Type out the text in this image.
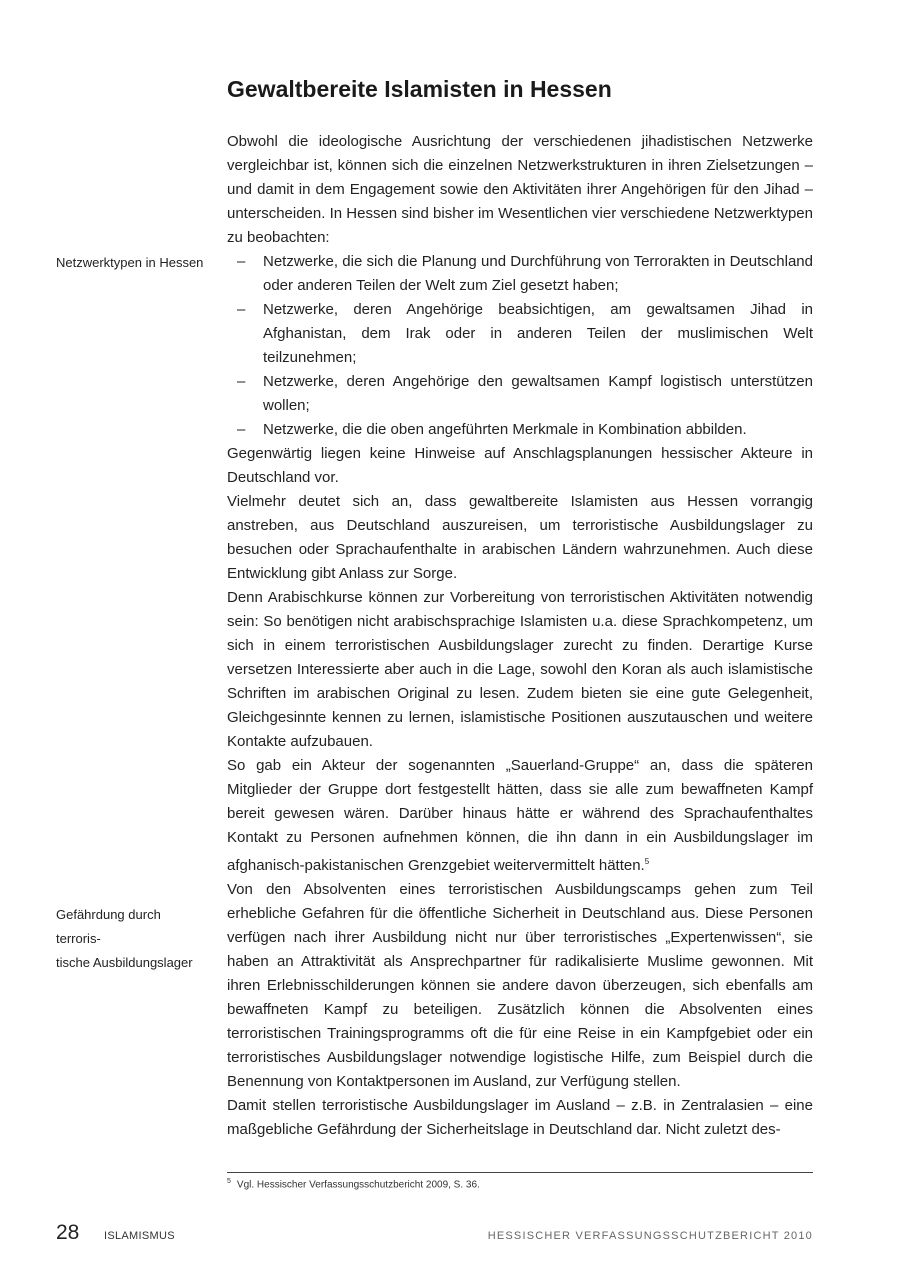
Gewaltbereite Islamisten in Hessen
Netzwerktypen in Hessen
Gefährdung durch terroris-
tische Ausbildungslager

Obwohl die ideologische Ausrichtung der verschiedenen jihadistischen Netzwerke vergleichbar ist, können sich die einzelnen Netzwerkstrukturen in ihren Zielsetzungen – und damit in dem Engagement sowie den Aktivitäten ihrer Angehörigen für den Jihad – unterscheiden. In Hessen sind bisher im Wesentlichen vier verschiedene Netzwerktypen zu beobachten:

– Netzwerke, die sich die Planung und Durchführung von Terrorakten in Deutschland oder anderen Teilen der Welt zum Ziel gesetzt haben;
– Netzwerke, deren Angehörige beabsichtigen, am gewaltsamen Jihad in Afghanistan, dem Irak oder in anderen Teilen der muslimischen Welt teilzunehmen;
– Netzwerke, deren Angehörige den gewaltsamen Kampf logistisch unterstützen wollen;
– Netzwerke, die die oben angeführten Merkmale in Kombination abbilden.

Gegenwärtig liegen keine Hinweise auf Anschlagsplanungen hessischer Akteure in Deutschland vor.

Vielmehr deutet sich an, dass gewaltbereite Islamisten aus Hessen vorrangig anstreben, aus Deutschland auszureisen, um terroristische Ausbildungslager zu besuchen oder Sprachaufenthalte in arabischen Ländern wahrzunehmen. Auch diese Entwicklung gibt Anlass zur Sorge.

Denn Arabischkurse können zur Vorbereitung von terroristischen Aktivitäten notwendig sein: So benötigen nicht arabischsprachige Islamisten u.a. diese Sprachkompetenz, um sich in einem terroristischen Ausbildungslager zurecht zu finden. Derartige Kurse versetzen Interessierte aber auch in die Lage, sowohl den Koran als auch islamistische Schriften im arabischen Original zu lesen. Zudem bieten sie eine gute Gelegenheit, Gleichgesinnte kennen zu lernen, islamistische Positionen auszutauschen und weitere Kontakte aufzubauen.

So gab ein Akteur der sogenannten „Sauerland-Gruppe“ an, dass die späteren Mitglieder der Gruppe dort festgestellt hätten, dass sie alle zum bewaffneten Kampf bereit gewesen wären. Darüber hinaus hätte er während des Sprachaufenthaltes Kontakt zu Personen aufnehmen können, die ihn dann in ein Ausbildungslager im afghanisch-pakistanischen Grenzgebiet weitervermittelt hätten.$^5$

Von den Absolventen eines terroristischen Ausbildungscamps gehen zum Teil erhebliche Gefahren für die öffentliche Sicherheit in Deutschland aus. Diese Personen verfügen nach ihrer Ausbildung nicht nur über terroristisches „Expertenwissen“, sie haben an Attraktivität als Ansprechpartner für radikalisierte Muslime gewonnen. Mit ihren Erlebnisschilderungen können sie andere davon überzeugen, sich ebenfalls am bewaffneten Kampf zu beteiligen. Zusätzlich können die Absolventen eines terroristischen Trainingsprogramms oft die für eine Reise in ein Kampfgebiet oder ein terroristisches Ausbildungslager notwendige logistische Hilfe, zum Beispiel durch die Benennung von Kontaktpersonen im Ausland, zur Verfügung stellen.

Damit stellen terroristische Ausbildungslager im Ausland – z.B. in Zentralasien – eine maßgebliche Gefährdung der Sicherheitslage in Deutschland dar. Nicht zuletzt des-

$^5$ Vgl. Hessischer Verfassungsschutzbericht 2009, S. 36.
28 ISLAMISMUS	HESSISCHER VERFASSUNGSSCHUTZBERICHT 2010
